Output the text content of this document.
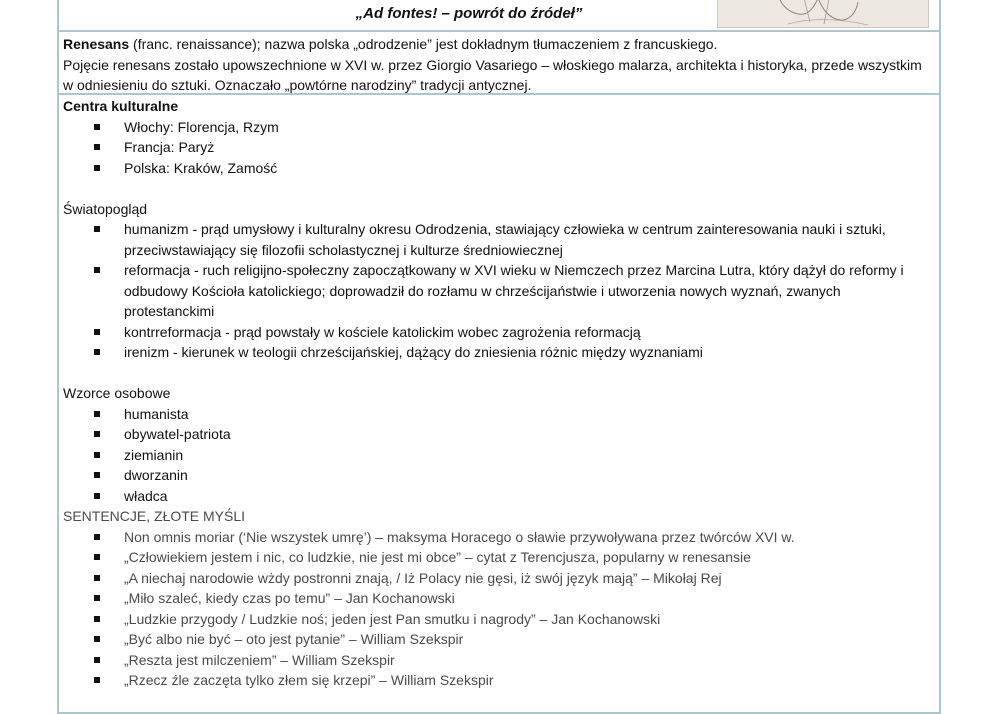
„Ad fontes! – powrót do źródeł”
Renesans (franc. renaissance); nazwa polska „odrodzenie” jest dokładnym tłumaczeniem z francuskiego.
Pojęcie renesans zostało upowszechnione w XVI w. przez Giorgio Vasariego – włoskiego malarza, architekta i historyka, przede wszystkim w odniesieniu do sztuki. Oznaczało „powtórne narodziny” tradycji antycznej.
Centra kulturalne
Włochy: Florencja, Rzym
Francja: Paryż
Polska: Kraków, Zamość
Światopogląd
humanizm - prąd umysłowy i kulturalny okresu Odrodzenia, stawiający człowieka w centrum zainteresowania nauki i sztuki, przeciwstawiający się filozofii scholastycznej i kulturze średniowiecznej
reformacja - ruch religijno-społeczny zapoczątkowany w XVI wieku w Niemczech przez Marcina Lutra, który dążył do reformy i odbudowy Kościoła katolickiego; doprowadził do rozłamu w chrześcijaństwie i utworzenia nowych wyznań, zwanych protestanckimi
kontrreformacja - prąd powstały w kościele katolickim wobec zagrożenia reformacją
irenizm - kierunek w teologii chrześcijańskiej, dążący do zniesienia różnic między wyznaniami
Wzorce osobowe
humanista
obywatel-patriota
ziemianin
dworzanin
władca
SENTENCJE, ZŁOTE MYŚLI
Non omnis moriar (‘Nie wszystek umrę’) – maksyma Horacego o sławie przywoływana przez twórców XVI w.
„Człowiekiem jestem i nic, co ludzkie, nie jest mi obce” – cytat z Terencjusza, popularny w renesansie
„A niechaj narodowie wżdy postronni znają, / Iż Polacy nie gęsi, iż swój język mają” – Mikołaj Rej
„Miło szaleć, kiedy czas po temu” – Jan Kochanowski
„Ludzkie przygody / Ludzkie noś; jeden jest Pan smutku i nagrody” – Jan Kochanowski
„Być albo nie być – oto jest pytanie” – William Szekspir
„Reszta jest milczeniem” – William Szekspir
„Rzecz źle zaczęta tylko złem się krzepi” – William Szekspir
